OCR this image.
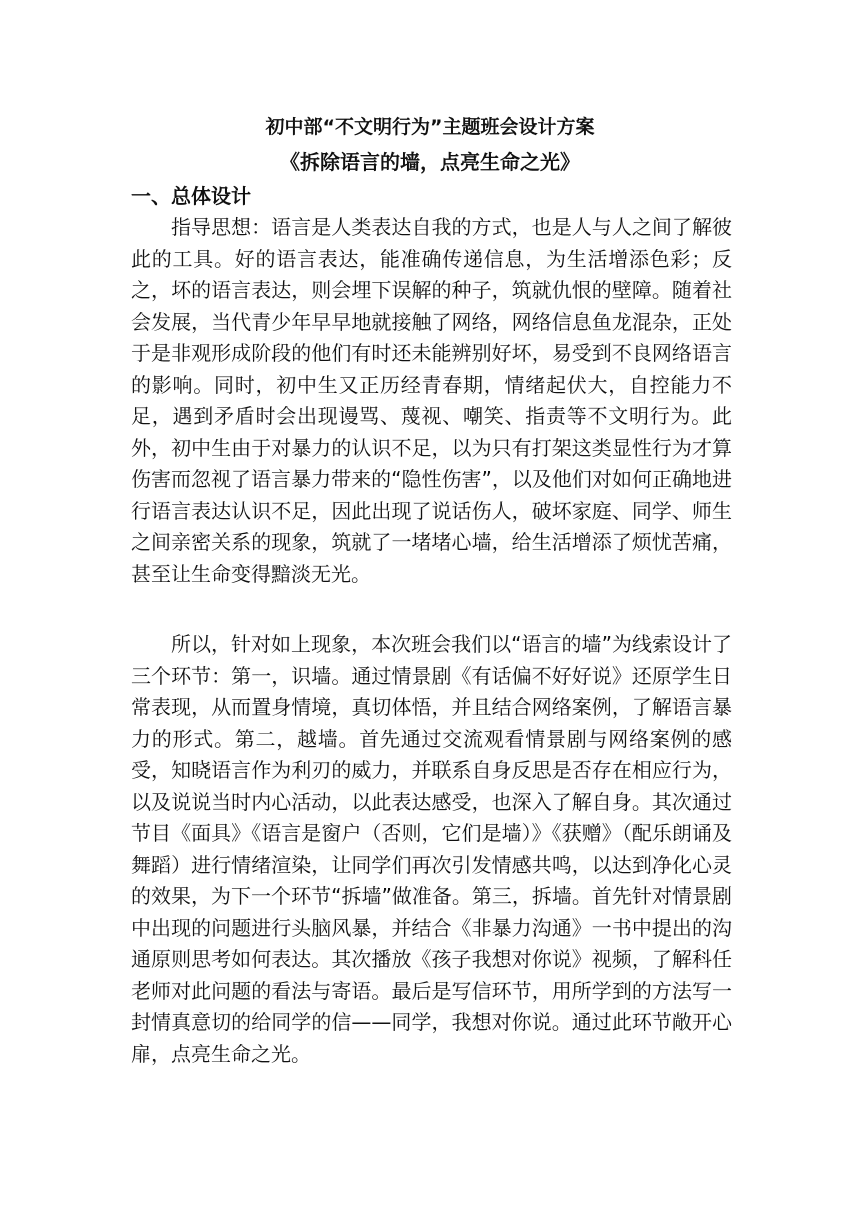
初中部“不文明行为”主题班会设计方案
《拆除语言的墙，点亮生命之光》
一、总体设计

指导思想：语言是人类表达自我的方式，也是人与人之间了解彼此的工具。好的语言表达，能准确传递信息，为生活增添色彩；反之，坏的语言表达，则会埋下误解的种子，筑就仇恨的壁障。随着社会发展，当代青少年早早地就接触了网络，网络信息鱼龙混杂，正处于是非观形成阶段的他们有时还未能辨别好坏，易受到不良网络语言的影响。同时，初中生又正历经青春期，情绪起伏大，自控能力不足，遇到矛盾时会出现谩骂、蔑视、嘲笑、指责等不文明行为。此外，初中生由于对暴力的认识不足，以为只有打架这类显性行为才算伤害而忽视了语言暴力带来的“隐性伤害”，以及他们对如何正确地进行语言表达认识不足，因此出现了说话伤人，破坏家庭、同学、师生之间亲密关系的现象，筑就了一堵堵心墙，给生活增添了烦忧苦痛，甚至让生命变得黯淡无光。

所以，针对如上现象，本次班会我们以“语言的墙”为线索设计了三个环节：第一，识墙。通过情景剧《有话偏不好好说》还原学生日常表现，从而置身情境，真切体悟，并且结合网络案例，了解语言暴力的形式。第二，越墙。首先通过交流观看情景剧与网络案例的感受，知晓语言作为利刃的威力，并联系自身反思是否存在相应行为，以及说说当时内心活动，以此表达感受，也深入了解自身。其次通过节目《面具》《语言是窗户（否则，它们是墙）》《获赠》（配乐朗诵及舞蹈）进行情绪渲染，让同学们再次引发情感共鸣，以达到净化心灵的效果，为下一个环节“拆墙”做准备。第三，拆墙。首先针对情景剧中出现的问题进行头脑风暴，并结合《非暴力沟通》一书中提出的沟通原则思考如何表达。其次播放《孩子我想对你说》视频，了解科任老师对此问题的看法与寄语。最后是写信环节，用所学到的方法写一封情真意切的给同学的信——同学，我想对你说。通过此环节敞开心扉，点亮生命之光。
